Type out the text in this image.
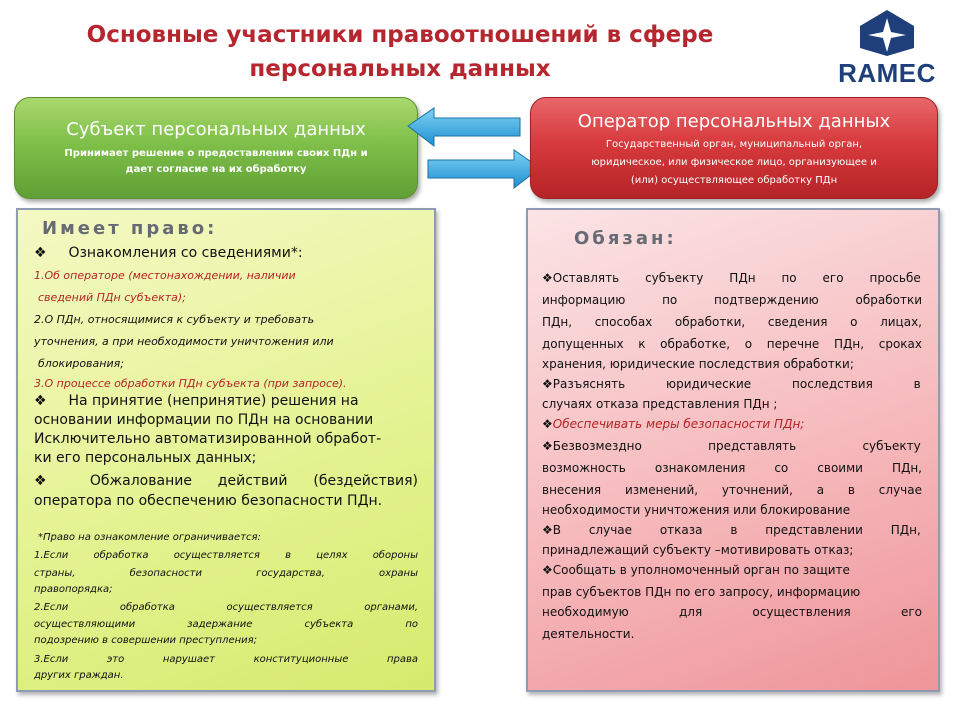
Основные участники правоотношений в сфере
персональных данных	RAMEC
Субъект персональных данных
Принимает решение о предоставлении своих ПДн и
дает согласие на их обработку
Оператор персональных данных
Государственный орган, муниципальный орган,
юридическое, или физическое лицо, организующее и
(или) осуществляющее обработку ПДн
Имеет право:
❖ Ознакомления со сведениями*:
1.Об операторе (местонахождении, наличии
сведений ПДн субъекта);
2.О ПДн, относящимися к субъекту и требовать
уточнения, а при необходимости уничтожения или
блокирования;
3.О процессе обработки ПДн субъекта (при запросе).
❖ На принятие (непринятие) решения на
основании информации по ПДн на основании
Исключительно автоматизированной обработ-
ки его персональных данных;
❖	Обжалование действий (бездействия)
оператора по обеспечению безопасности ПДн.
*Право на ознакомление ограничивается:
1.Если обработка осуществляется в целях обороны
страны, безопасности государства, охраны
правопорядка;
2.Если обработка осуществляется органами,
осуществляющими задержание субъекта по
подозрению в совершении преступления;
3.Если это нарушает конституционные права
других граждан.
Обязан:
❖Оставлять субъекту ПДн по его просьбе
информацию по подтверждению обработки
ПДн, способах обработки, сведения о лицах,
допущенных к обработке, о перечне ПДн, сроках
хранения, юридические последствия обработки;
❖Разъяснять юридические последствия в
случаях отказа представления ПДн ;
❖Обеспечивать меры безопасности ПДн;
❖Безвозмездно представлять субъекту
возможность ознакомления со своими ПДн,
внесения изменений, уточнений, а в случае
необходимости уничтожения или блокирование
❖В случае отказа в представлении ПДн,
принадлежащий субъекту –мотивировать отказ;
❖Сообщать в уполномоченный орган по защите
прав субъектов ПДн по его запросу, информацию
необходимую для осуществления его
деятельности.
